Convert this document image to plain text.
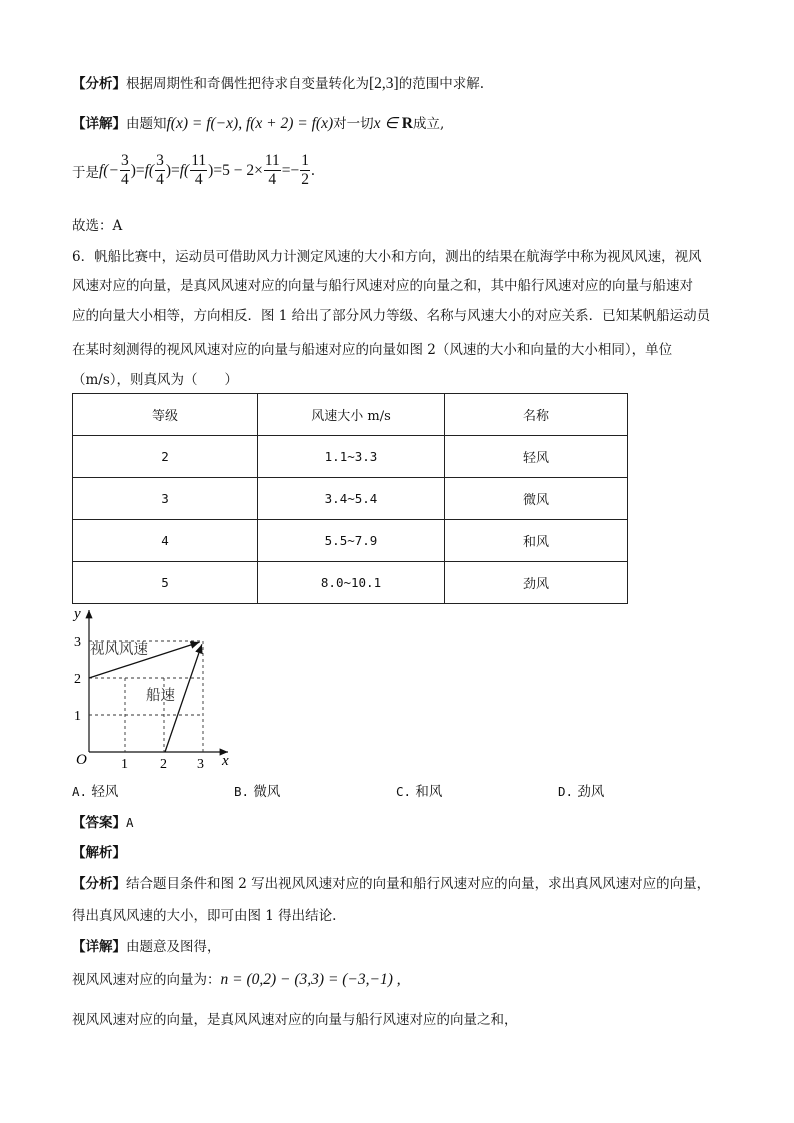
【分析】根据周期性和奇偶性把待求自变量转化为[2,3]的范围中求解.
【详解】由题知f(x) = f(−x), f(x + 2) = f(x)对一切x ∈ R成立,
于是 $f(- \frac{3}{4}$ ) = $f( \frac{3}{4}$ ) = $f( \frac{11}{4}$ ) = $5 - 2\times \frac{11}{4}$ = − $\frac{1}{2}$ .
故选：A
6．帆船比赛中，运动员可借助风力计测定风速的大小和方向，测出的结果在航海学中称为视风风速，视风
风速对应的向量，是真风风速对应的向量与船行风速对应的向量之和，其中船行风速对应的向量与船速对
应的向量大小相等，方向相反．图 1 给出了部分风力等级、名称与风速大小的对应关系．已知某帆船运动员
在某时刻测得的视风风速对应的向量与船速对应的向量如图 2（风速的大小和向量的大小相同），单位
（m/s），则真风为（　　）
等级	风速大小 m/s	名称
2	1.1~3.3	轻风
3	3.4~5.4	微风
4	5.5~7.9	和风
5	8.0~10.1	劲风
y
x
O 1 2 3
1
2
3 视风风速
船速
A. 轻风	B. 微风	C. 和风	D. 劲风
【答案】A
【解析】
【分析】结合题目条件和图 2 写出视风风速对应的向量和船行风速对应的向量，求出真风风速对应的向量，
得出真风风速的大小，即可由图 1 得出结论.
【详解】由题意及图得，
视风风速对应的向量为：n = (0,2) − (3,3) = (−3,−1) ,
视风风速对应的向量，是真风风速对应的向量与船行风速对应的向量之和，
